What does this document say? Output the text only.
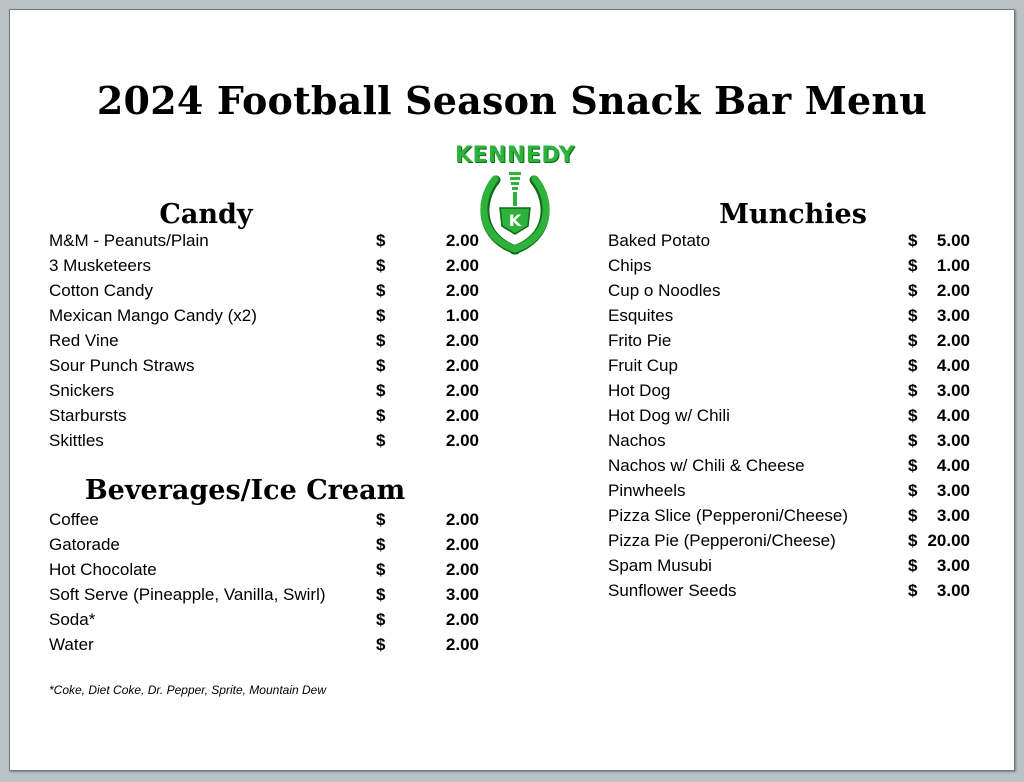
2024 Football Season Snack Bar Menu
K
KENNEDY
Candy
M&M - Peanuts/Plain	$	2.00
3 Musketeers	$	2.00
Cotton Candy	$	2.00
Mexican Mango Candy (x2)	$	1.00
Red Vine	$	2.00
Sour Punch Straws	$	2.00
Snickers	$	2.00
Starbursts	$	2.00
Skittles	$	2.00
Beverages/Ice Cream
Coffee	$	2.00
Gatorade	$	2.00
Hot Chocolate	$	2.00
Soft Serve (Pineapple, Vanilla, Swirl)	$	3.00
Soda*	$	2.00
Water	$	2.00
Munchies
Baked Potato	$	5.00
Chips	$	1.00
Cup o Noodles	$	2.00
Esquites	$	3.00
Frito Pie	$	2.00
Fruit Cup	$	4.00
Hot Dog	$	3.00
Hot Dog w/ Chili	$	4.00
Nachos	$	3.00
Nachos w/ Chili & Cheese	$	4.00
Pinwheels	$	3.00
Pizza Slice (Pepperoni/Cheese)	$	3.00
Pizza Pie (Pepperoni/Cheese)	$ 20.00
Spam Musubi	$	3.00
Sunflower Seeds	$	3.00
*Coke, Diet Coke, Dr. Pepper, Sprite, Mountain Dew
